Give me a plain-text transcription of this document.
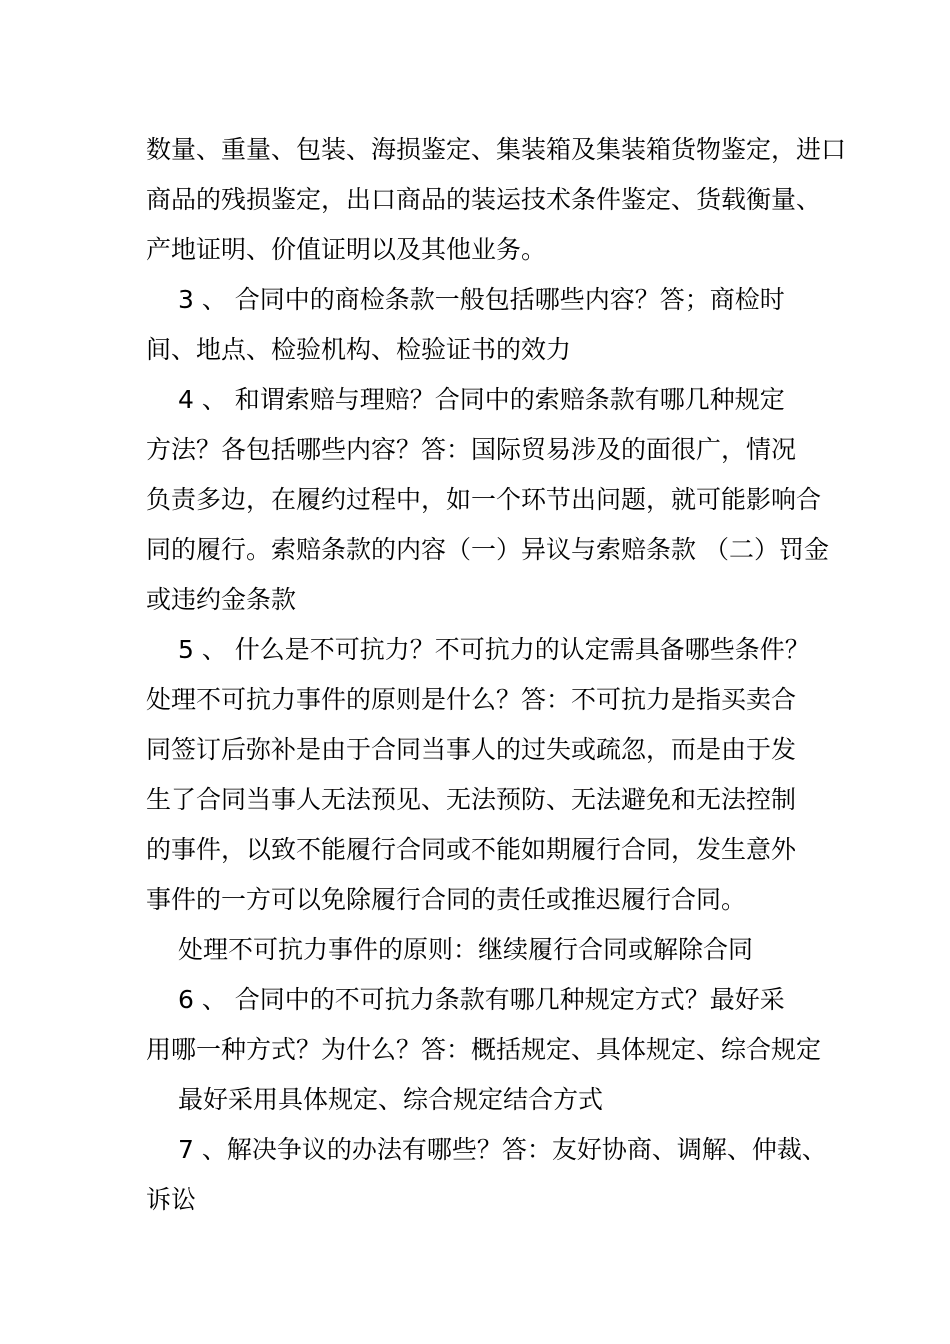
数量、重量、包装、海损鉴定、集装箱及集装箱货物鉴定，进口
商品的残损鉴定，出口商品的装运技术条件鉴定、货载衡量、
产地证明、价值证明以及其他业务。
3 、 合同中的商检条款一般包括哪些内容？答；商检时
间、地点、检验机构、检验证书的效力
4 、 和谓索赔与理赔？合同中的索赔条款有哪几种规定
方法？各包括哪些内容？答：国际贸易涉及的面很广，情况
负责多边，在履约过程中，如一个环节出问题，就可能影响合
同的履行。索赔条款的内容（一）异议与索赔条款 （二）罚金
或违约金条款
5 、 什么是不可抗力？不可抗力的认定需具备哪些条件？
处理不可抗力事件的原则是什么？答：不可抗力是指买卖合
同签订后弥补是由于合同当事人的过失或疏忽，而是由于发
生了合同当事人无法预见、无法预防、无法避免和无法控制
的事件，以致不能履行合同或不能如期履行合同，发生意外
事件的一方可以免除履行合同的责任或推迟履行合同。
处理不可抗力事件的原则：继续履行合同或解除合同
6 、 合同中的不可抗力条款有哪几种规定方式？最好采
用哪一种方式？为什么？答：概括规定、具体规定、综合规定
最好采用具体规定、综合规定结合方式
7 、解决争议的办法有哪些？答：友好协商、调解、仲裁、
诉讼
